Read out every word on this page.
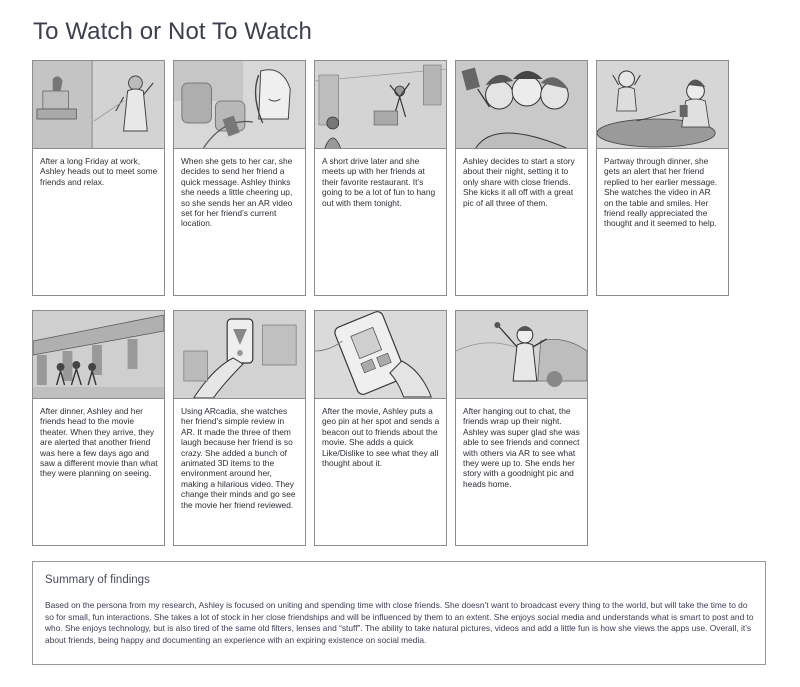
To Watch or Not To Watch

After a long Friday at work, Ashley heads out to meet some friends and relax.

When she gets to her car, she decides to send her friend a quick message. Ashley thinks she needs a little cheering up, so she sends her an AR video set for her friend’s current location.

A short drive later and she meets up with her friends at their favorite restaurant. It’s going to be a lot of fun to hang out with them tonight.

Ashley decides to start a story about their night, setting it to only share with close friends. She kicks it all off with a great pic of all three of them.

Partway through dinner, she gets an alert that her friend replied to her earlier message. She watches the video in AR on the table and smiles. Her friend really appreciated the thought and it seemed to help.

After dinner, Ashley and her friends head to the movie theater. When they arrive, they are alerted that another friend was here a few days ago and saw a different movie than what they were planning on seeing.

Using ARcadia, she watches her friend’s simple review in AR. It made the three of them laugh because her friend is so crazy. She added a bunch of animated 3D items to the environment around her, making a hilarious video. They change their minds and go see the movie her friend reviewed.

After the movie, Ashley puts a geo pin at her spot and sends a beacon out to friends about the movie. She adds a quick Like/Dislike to see what they all thought about it.

After hanging out to chat, the friends wrap up their night. Ashley was super glad she was able to see friends and connect with others via AR to see what they were up to. She ends her story with a goodnight pic and heads home.

Summary of findings

Based on the persona from my research, Ashley is focused on uniting and spending time with close friends. She doesn’t want to broadcast every thing to the world, but will take the time to do so for small, fun interactions. She takes a lot of stock in her close friendships and will be influenced by them to an extent. She enjoys social media and understands what is smart to post and to who. She enjoys technology, but is also tired of the same old filters, lenses and “stuff”. The ability to take natural pictures, videos and add a little fun is how she views the apps use. Overall, it’s about friends, being happy and documenting an experience with an expiring existence on social media.
